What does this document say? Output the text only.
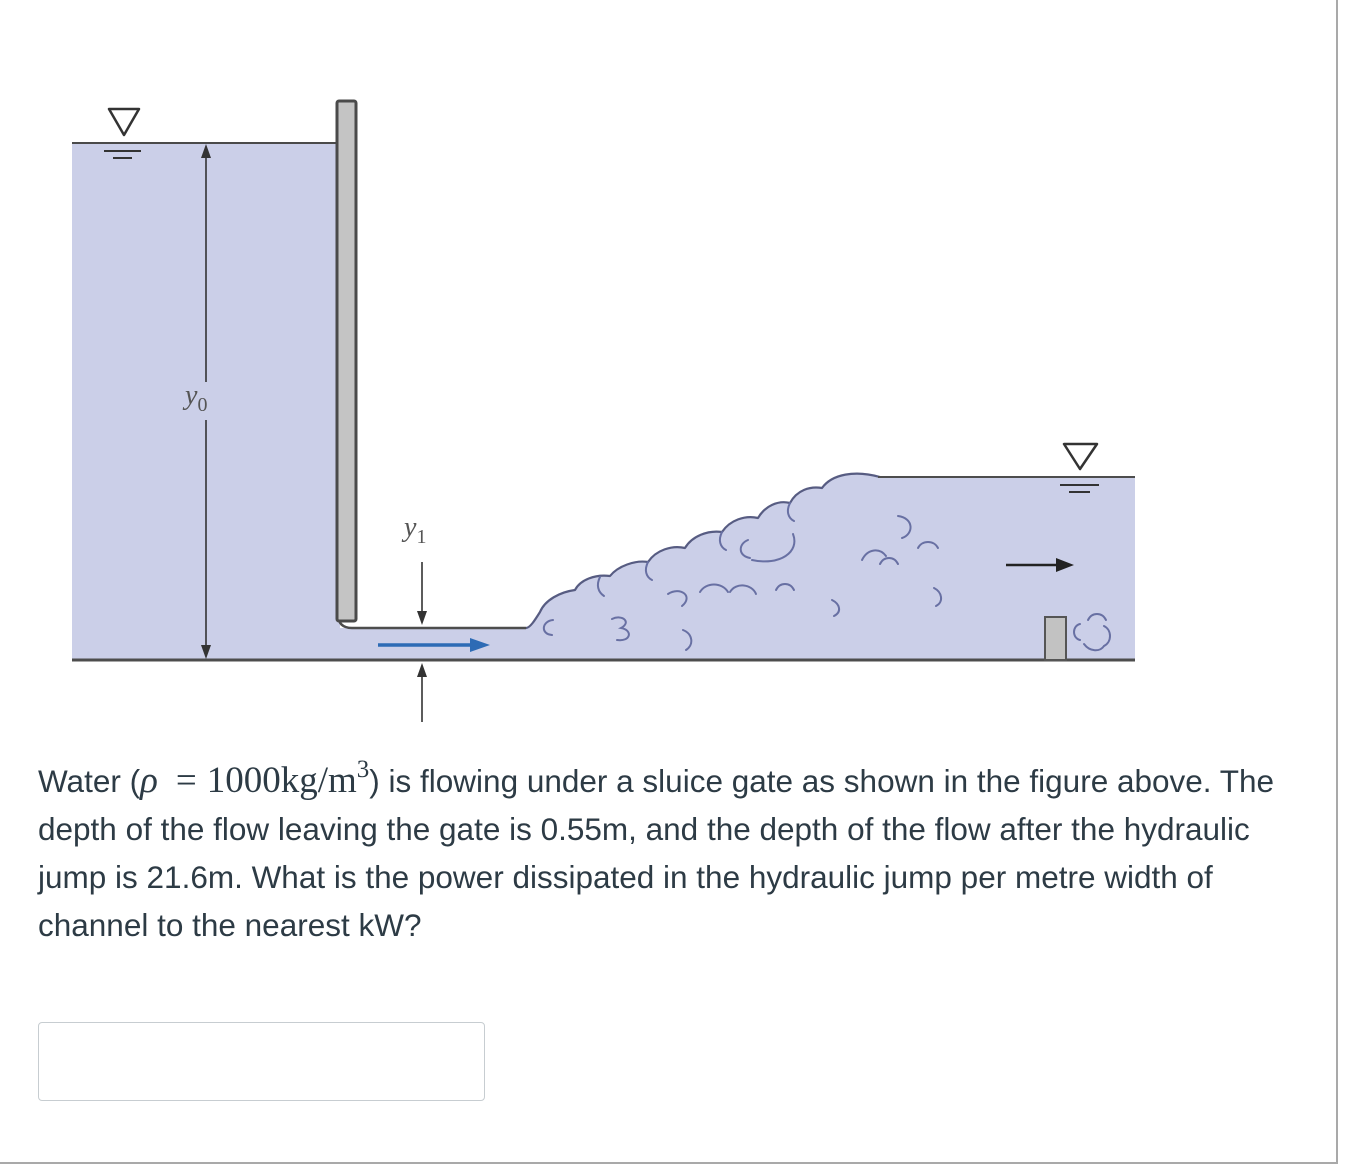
$y_0$
$y_1$
Water $(\rho = 1000kg/m^3)$ is flowing under a sluice gate as shown in the figure above. The
depth of the flow leaving the gate is 0.55m, and the depth of the flow after the hydraulic
jump is 21.6m. What is the power dissipated in the hydraulic jump per metre width of
channel to the nearest kW?
